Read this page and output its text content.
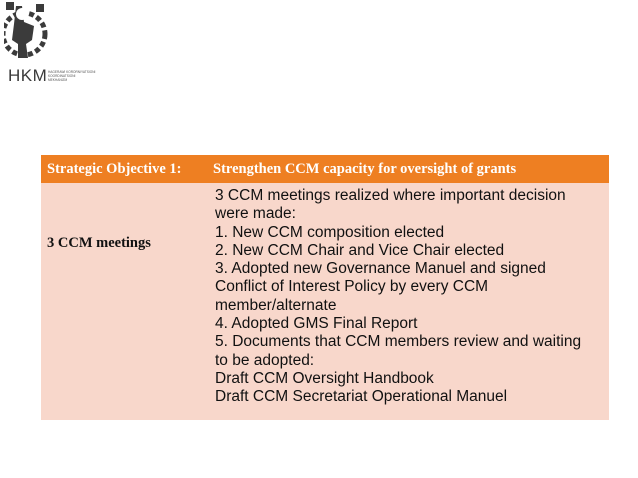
HKM HAGERAWI KORORNIYATSIONI
KOORDINATSIONI
MEKHANIZM
Strategic Objective 1: Strengthen CCM capacity for oversight of grants
3 CCM meetings
3 CCM meetings realized where important decision
were made:
1. New CCM composition elected
2. New CCM Chair and Vice Chair elected
3. Adopted new Governance Manuel and signed
Conflict of Interest Policy by every CCM
member/alternate
4. Adopted GMS Final Report
5. Documents that CCM members review and waiting
to be adopted:
Draft CCM Oversight Handbook
Draft CCM Secretariat Operational Manuel
